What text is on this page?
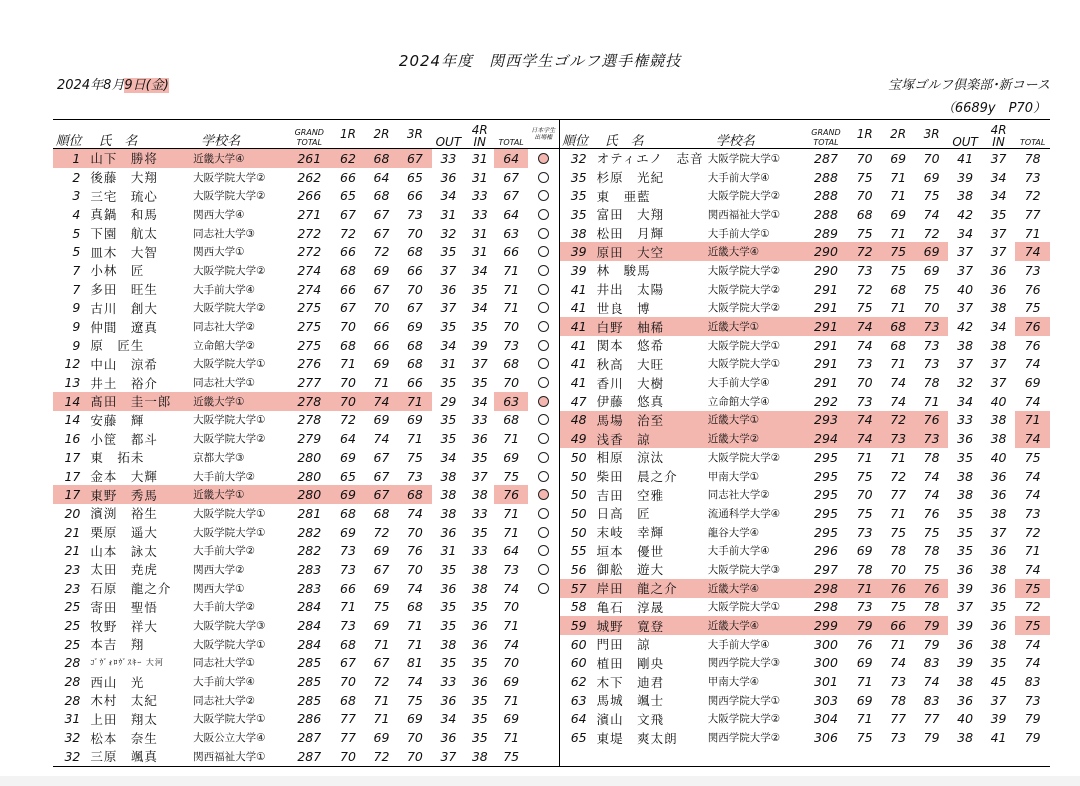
2024年度　関西学生ゴルフ選手権競技
2024年8月9日(金)	宝塚ゴルフ倶楽部･新コース
（6689y　P70）
順位	氏　名	学校名	GRAND
TOTAL	1R	2R	3R	OUT	4R
IN	TOTAL	日本学生
出場権	順位	氏　名	学校名	GRAND
TOTAL	1R	2R	3R	OUT	4R
IN	TOTAL

1	山下　勝将	近畿大学④	261	62	68	67	33	31	64		32	オティエノ　志音	大阪学院大学①	287	70	69	70	41	37	78
2	後藤　大翔	大阪学院大学②	262	66	64	65	36	31	67		35	杉原　光紀	大手前大学④	288	75	71	69	39	34	73
3	三宅　琉心	大阪学院大学②	266	65	68	66	34	33	67		35	東　亜藍	大阪学院大学②	288	70	71	75	38	34	72
4	真鍋　和馬	関西大学④	271	67	67	73	31	33	64		35	富田　大翔	関西福祉大学①	288	68	69	74	42	35	77
5	下園　航太	同志社大学③	272	72	67	70	32	31	63		38	松田　月輝	大手前大学①	289	75	71	72	34	37	71
5	皿木　大智	関西大学①	272	66	72	68	35	31	66		39	原田　大空	近畿大学④	290	72	75	69	37	37	74
7	小林　匠	大阪学院大学②	274	68	69	66	37	34	71		39	林　駿馬	大阪学院大学②	290	73	75	69	37	36	73
7	多田　旺生	大手前大学④	274	66	67	70	36	35	71		41	井出　太陽	大阪学院大学②	291	72	68	75	40	36	76
9	古川　創大	大阪学院大学②	275	67	70	67	37	34	71		41	世良　博	大阪学院大学②	291	75	71	70	37	38	75
9	仲間　遼真	同志社大学②	275	70	66	69	35	35	70		41	白野　柚稀	近畿大学①	291	74	68	73	42	34	76
9	原　匠生	立命館大学②	275	68	66	68	34	39	73		41	関本　悠希	大阪学院大学①	291	74	68	73	38	38	76
12	中山　涼希	大阪学院大学①	276	71	69	68	31	37	68		41	秋高　大旺	大阪学院大学①	291	73	71	73	37	37	74
13	井土　裕介	同志社大学①	277	70	71	66	35	35	70		41	香川　大樹	大手前大学④	291	70	74	78	32	37	69
14	髙田　圭一郎	近畿大学①	278	70	74	71	29	34	63		47	伊藤　悠真	立命館大学④	292	73	74	71	34	40	74
14	安藤　輝	大阪学院大学①	278	72	69	69	35	33	68		48	馬場　治至	近畿大学①	293	74	72	76	33	38	71
16	小筐　都斗	大阪学院大学②	279	64	74	71	35	36	71		49	浅香　諒	近畿大学②	294	74	73	73	36	38	74
17	東　拓未	京都大学③	280	69	67	75	34	35	69		50	相原　涼汰	大阪学院大学②	295	71	71	78	35	40	75
17	金本　大輝	大手前大学②	280	65	67	73	38	37	75		50	柴田　晨之介	甲南大学①	295	75	72	74	38	36	74
17	東野　秀馬	近畿大学①	280	69	67	68	38	38	76		50	吉田　空雅	同志社大学②	295	70	77	74	38	36	74
20	濱渕　裕生	大阪学院大学①	281	68	68	74	38	33	71		50	日高　匠	流通科学大学④	295	75	71	76	35	38	73
21	栗原　遥大	大阪学院大学①	282	69	72	70	36	35	71		50	末岐　幸輝	龍谷大学④	295	73	75	75	35	37	72
21	山本　詠太	大手前大学②	282	73	69	76	31	33	64		55	垣本　優世	大手前大学④	296	69	78	78	35	36	71
23	太田　尭虎	関西大学②	283	73	67	70	35	38	73		56	御舩　遊大	大阪学院大学③	297	78	70	75	36	38	74
23	石原　龍之介	関西大学①	283	66	69	74	36	38	74		57	岸田　龍之介	近畿大学④	298	71	76	76	39	36	75
25	寄田　聖悟	大手前大学②	284	71	75	68	35	35	70		58	亀石　淳晟	大阪学院大学①	298	73	75	78	37	35	72
25	牧野　祥大	大阪学院大学③	284	73	69	71	35	36	71		59	城野　寛登	近畿大学④	299	79	66	79	39	36	75
25	本吉　翔	大阪学院大学①	284	68	71	71	38	36	74		60	門田　諒	大手前大学④	300	76	71	79	36	38	74
28	ｺﾞｳﾞｫﾛｳﾞｽｷｰ 大河	同志社大学①	285	67	67	81	35	35	70		60	植田　剛央	関西学院大学③	300	69	74	83	39	35	74
28	西山　光	大手前大学④	285	70	72	74	33	36	69		62	木下　迪君	甲南大学④	301	71	73	74	38	45	83
28	木村　太紀	同志社大学②	285	68	71	75	36	35	71		63	馬城　颯士	関西学院大学①	303	69	78	83	36	37	73
31	上田　翔太	大阪学院大学①	286	77	71	69	34	35	69		64	濱山　文飛	大阪学院大学②	304	71	77	77	40	39	79
32	松本　奈生	大阪公立大学④	287	77	69	70	36	35	71		65	東堤　爽太朗	関西学院大学②	306	75	73	79	38	41	79
32	三原　颯真	関西福祉大学①	287	70	72	70	37	38	75											
